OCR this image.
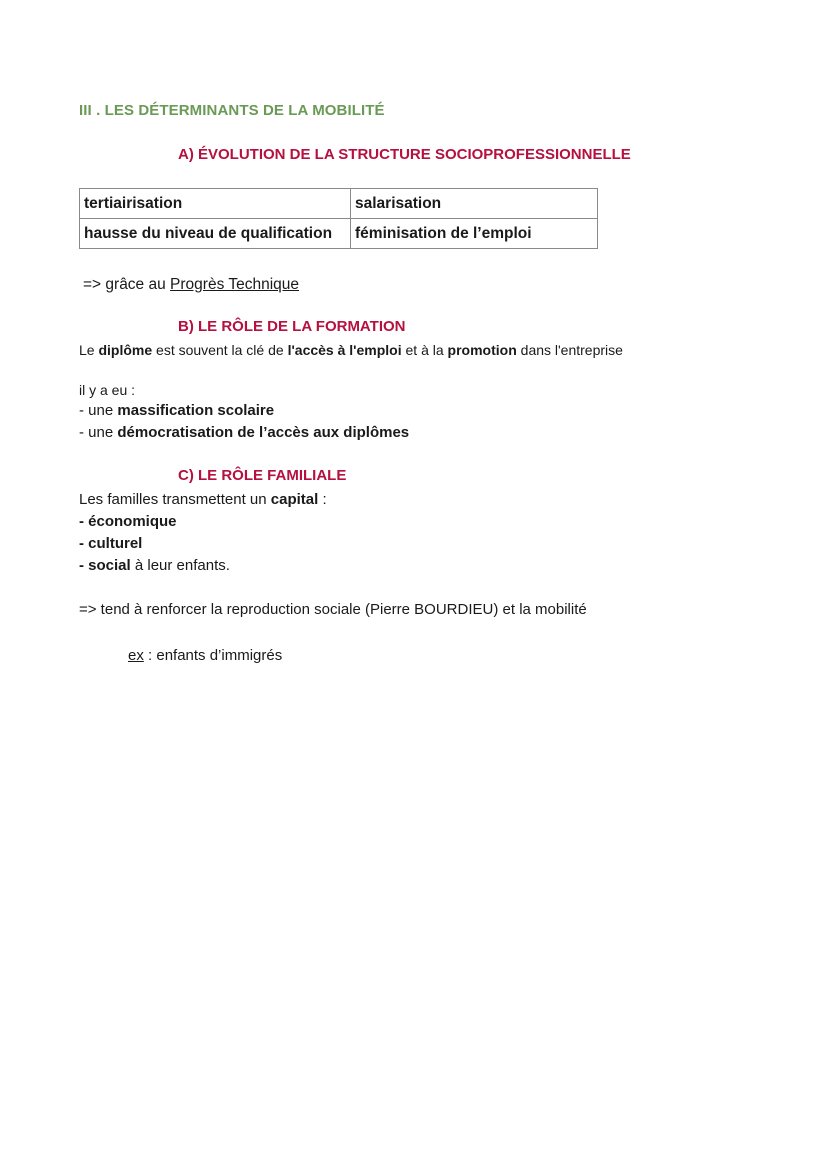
III . LES DÉTERMINANTS DE LA MOBILITÉ
A) ÉVOLUTION DE LA STRUCTURE SOCIOPROFESSIONNELLE
tertiairisation	salarisation
hausse du niveau de qualification	féminisation de l’emploi

=> grâce au Progrès Technique

B) LE RÔLE DE LA FORMATION

Le diplôme est souvent la clé de l'accès à l'emploi et à la promotion dans l'entreprise

il y a eu :

- une massification scolaire

- une démocratisation de l’accès aux diplômes

C) LE RÔLE FAMILIALE

Les familles transmettent un capital :

- économique

- culturel

- social à leur enfants.

=> tend à renforcer la reproduction sociale (Pierre BOURDIEU) et la mobilité

ex : enfants d’immigrés
